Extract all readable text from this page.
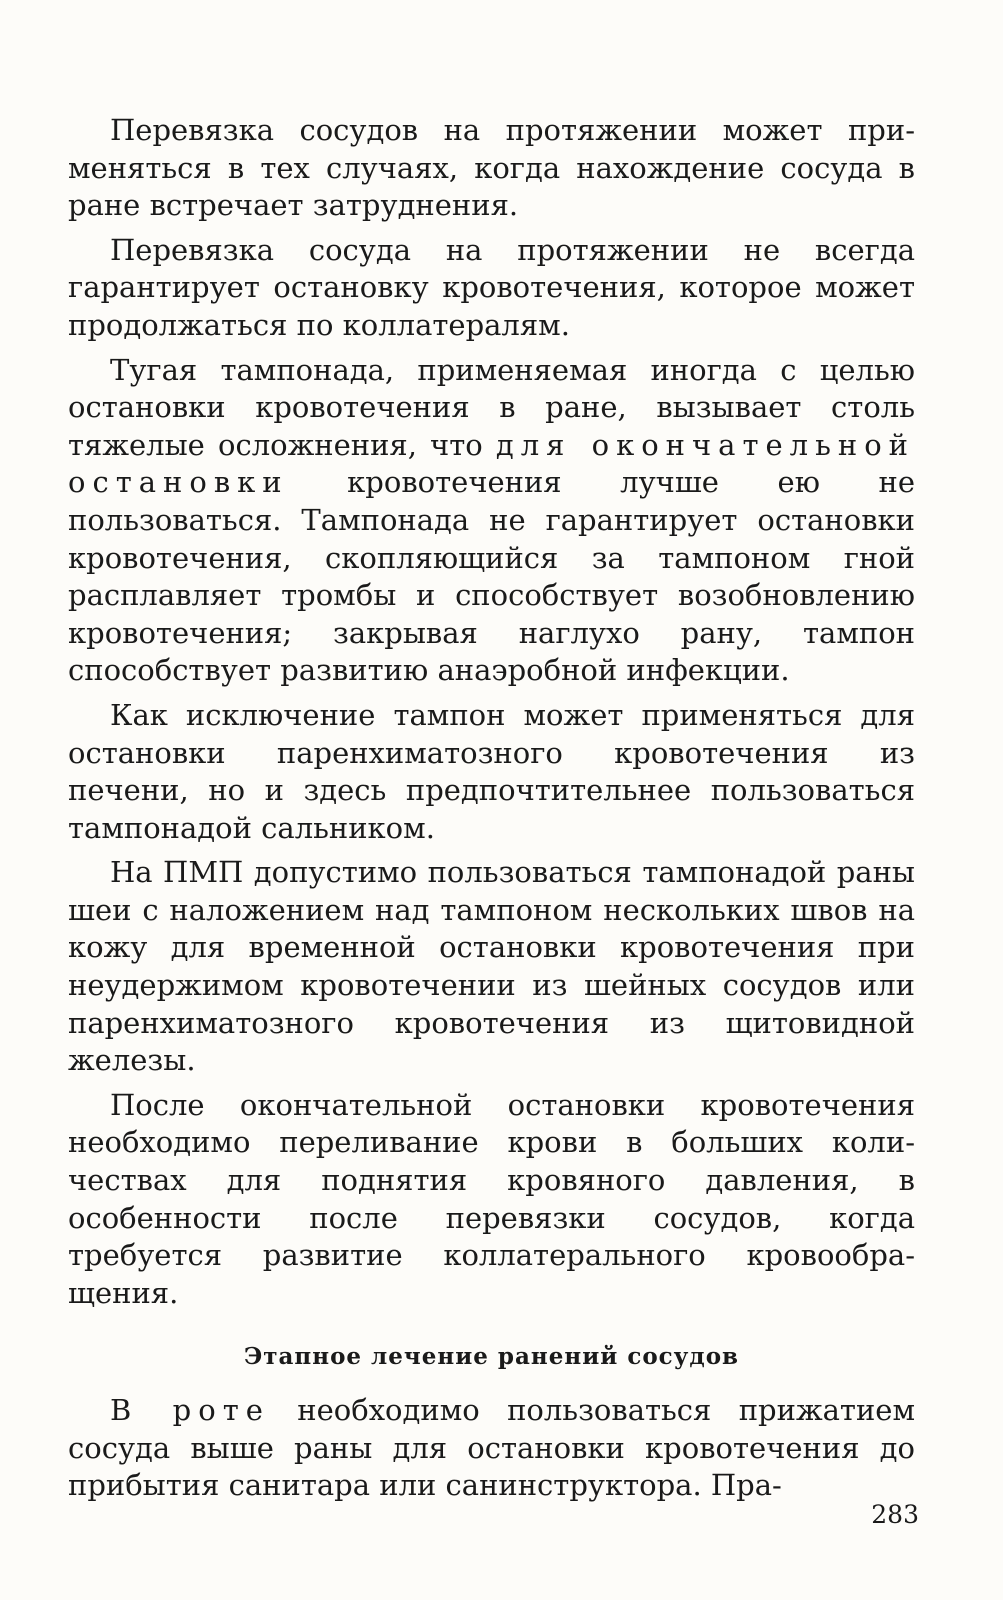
Перевязка сосудов на протяжении может применяться в тех случаях, когда нахождение сосуда в ране встречает затруднения.

Перевязка сосуда на протяжении не всегда гарантирует остановку кровотечения, которое может продолжаться по коллатералям.

Тугая тампонада, применяемая иногда с целью остановки кровотечения в ране, вызывает столь тяжелые осложнения, что для окончательной остановки кровотечения лучше ею не пользоваться. Тампонада не гарантирует остановки кровотечения, скопляющийся за тампоном гной расплавляет тромбы и способствует возобновлению кровотечения; закрывая наглухо рану, тампон способствует развитию анаэробной инфекции.

Как исключение тампон может применяться для остановки паренхиматозного кровотечения из печени, но и здесь предпочтительнее пользоваться тампонадой сальником.

На ПМП допустимо пользоваться тампонадой раны шеи с наложением над тампоном нескольких швов на кожу для временной остановки кровотечения при неудержимом кровотечении из шейных сосудов или паренхиматозного кровотечения из щитовидной железы.

После окончательной остановки кровотечения необходимо переливание крови в больших количествах для поднятия кровяного давления, в особенности после перевязки сосудов, когда требуется развитие коллатерального кровообращения.

Этапное лечение ранений сосудов

В роте необходимо пользоваться прижатием сосуда выше раны для остановки кровотечения до прибытия санитара или санинструктора. Пра-

283
